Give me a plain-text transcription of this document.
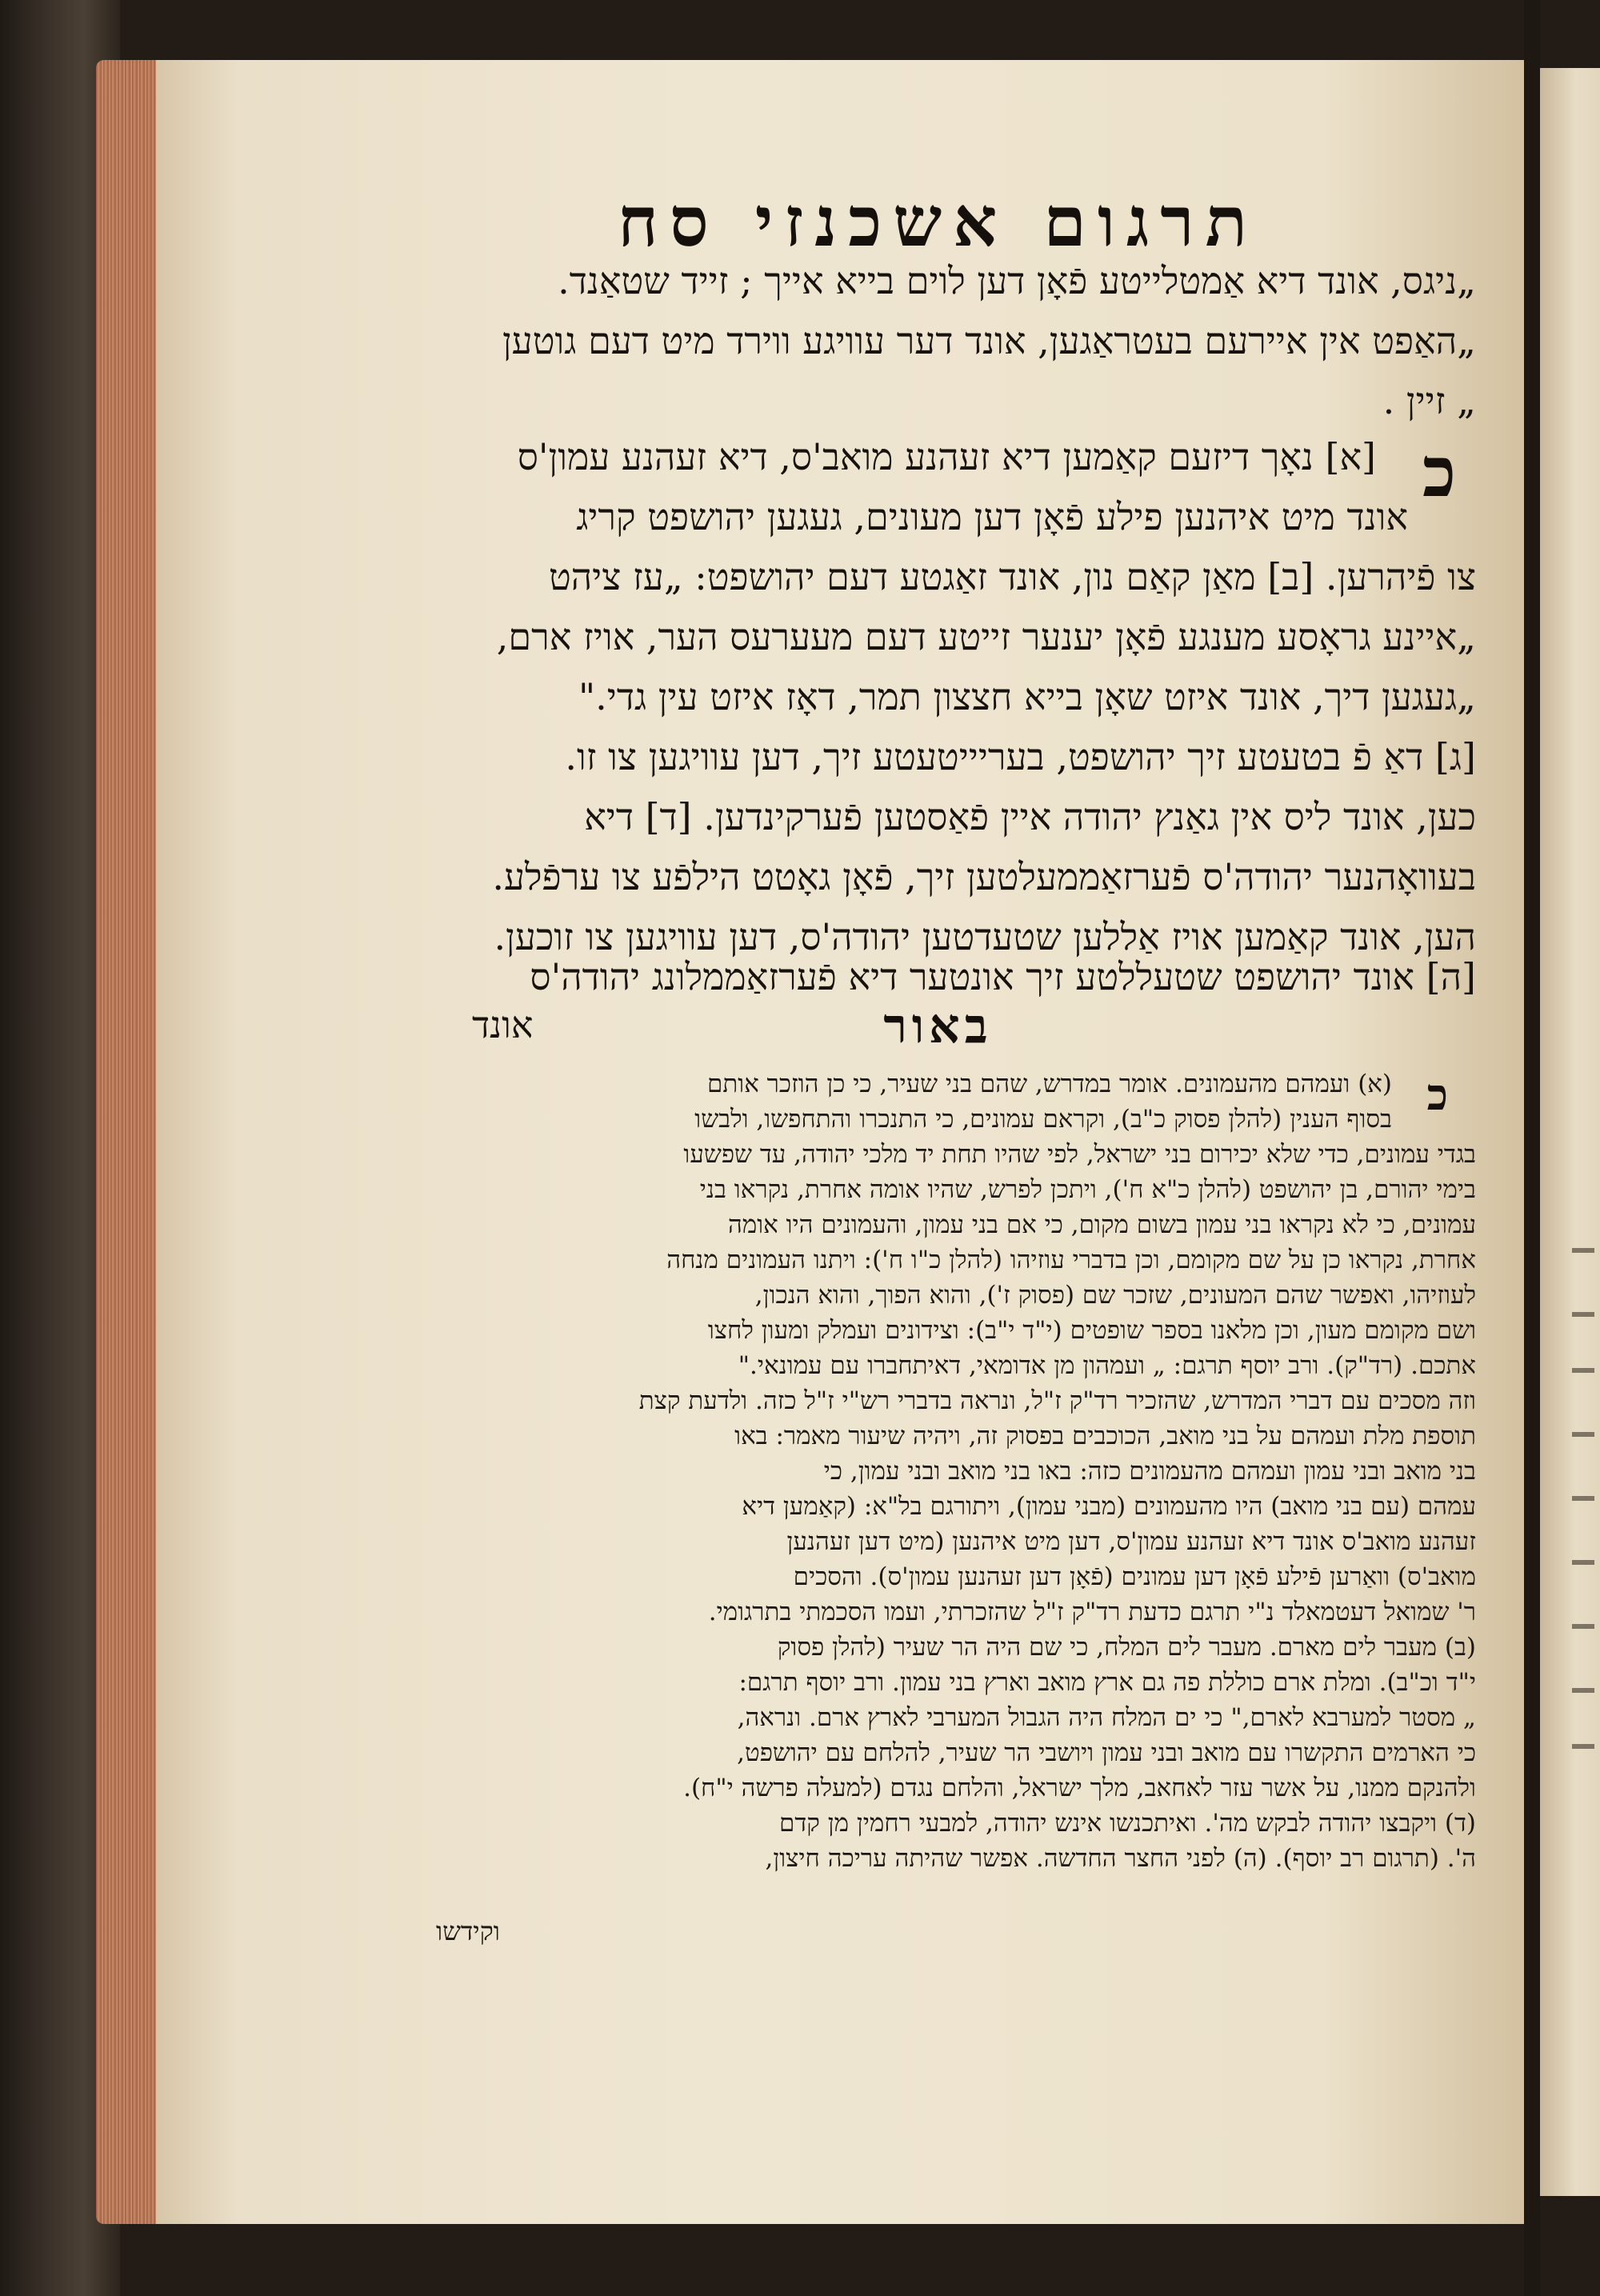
תרגום אשכנזי סח
„ניגס, אונד דיא אַמטלייטע פֿאָן דען לוים בייא אייך ; זייד שטאַנד.
„האַפט אין איירעם בעטראַגען, אונד דער עוויגע ווירד מיט דעם גוטען
„ זיין .
כ
[א] נאָך דיזעם קאַמען דיא זעהנע מואב'ס, דיא זעהנע עמון'ס
אונד מיט איהנען פילע פֿאָן דען מעונים, געגען יהושפט קריג
צו פֿיהרען. [ב] מאַן קאַם נון, אונד זאַגטע דעם יהושפט: „עז ציהט
„איינע גראָסע מענגע פֿאָן יענער זייטע דעם מעערעס הער, אויז ארם,
„געגען דיך, אונד איזט שאָן בייא חצצון תמר, דאָז איזט עין גדי."
[ג] דאַ פֿ בטעטע זיך יהושפט, בעריייטעטע זיך, דען עוויגען צו זו.
כען, אונד ליס אין גאַנץ יהודה איין פֿאַסטען פֿערקינדען. [ד] דיא
בעוואָהנער יהודה'ס פֿערזאַממעלטען זיך, פֿאָן גאָטט הילפֿע צו ערפֿלע.
הען, אונד קאַמען אויז אַללען שטעדטען יהודה'ס, דען עוויגען צו זוכען.
[ה] אונד יהושפט שטעללטע זיך אונטער דיא פֿערזאַממלונג יהודה'ס
באור
אונד
כ
(א) ועמהם מהעמונים. אומר במדרש, שהם בני שעיר, כי כן הוזכר אותם
בסוף הענין (להלן פסוק כ"ב), וקראם עמונים, כי התנכרו והתחפשו, ולבשו
בגדי עמונים, כדי שלא יכירום בני ישראל, לפי שהיו תחת יד מלכי יהודה, עד שפשעו
בימי יהורם, בן יהושפט (להלן כ"א ח'), ויתכן לפרש, שהיו אומה אחרת, נקראו בני
עמונים, כי לא נקראו בני עמון בשום מקום, כי אם בני עמון, והעמונים היו אומה
אחרת, נקראו כן על שם מקומם, וכן בדברי עוזיהו (להלן כ"ו ח'): ויתנו העמונים מנחה
לעוזיהו, ואפשר שהם המעונים, שזכר שם (פסוק ז'), והוא הפוך, והוא הנכון,
ושם מקומם מעון, וכן מלאנו בספר שופטים (י"ד י"ב): וצידונים ועמלק ומעון לחצו
אתכם. (רד"ק). ורב יוסף תרגם: „ ועמהון מן אדומאי, דאיתחברו עם עמונאי."
וזה מסכים עם דברי המדרש, שהזכיר רד"ק ז"ל, ונראה בדברי רש"י ז"ל כזה. ולדעת קצת
תוספת מלת ועמהם על בני מואב, הכוכבים בפסוק זה, ויהיה שיעור מאמר: באו
בני מואב ובני עמון ועמהם מהעמונים כזה: באו בני מואב ובני עמון, כי
עמהם (עם בני מואב) היו מהעמונים (מבני עמון), ויתורגם בל"א: (קאַמען דיא
זעהנע מואב'ס אונד דיא זעהנע עמון'ס, דען מיט איהנען (מיט דען זעהנען
מואב'ס) וואַרען פֿילע פֿאָן דען עמונים (פֿאָן דען זעהנען עמון'ס). והסכים
ר' שמואל דעטמאלד נ"י תרגם כדעת רד"ק ז"ל שהזכרתי, ועמו הסכמתי בתרגומי.
(ב) מעבר לים מארם. מעבר לים המלח, כי שם היה הר שעיר (להלן פסוק
י"ד וכ"ב). ומלת ארם כוללת פה גם ארץ מואב וארץ בני עמון. ורב יוסף תרגם:
„ מסטר למערבא לארם," כי ים המלח היה הגבול המערבי לארץ ארם. ונראה,
כי הארמים התקשרו עם מואב ובני עמון ויושבי הר שעיר, להלחם עם יהושפט,
ולהנקם ממנו, על אשר עזר לאחאב, מלך ישראל, והלחם נגדם (למעלה פרשה י"ח).
(ד) ויקבצו יהודה לבקש מה'. ואיתכנשו אינש יהודה, למבעי רחמין מן קדם
ה'. (תרגום רב יוסף). (ה) לפני החצר החדשה. אפשר שהיתה עריכה חיצון,
וקידשו
